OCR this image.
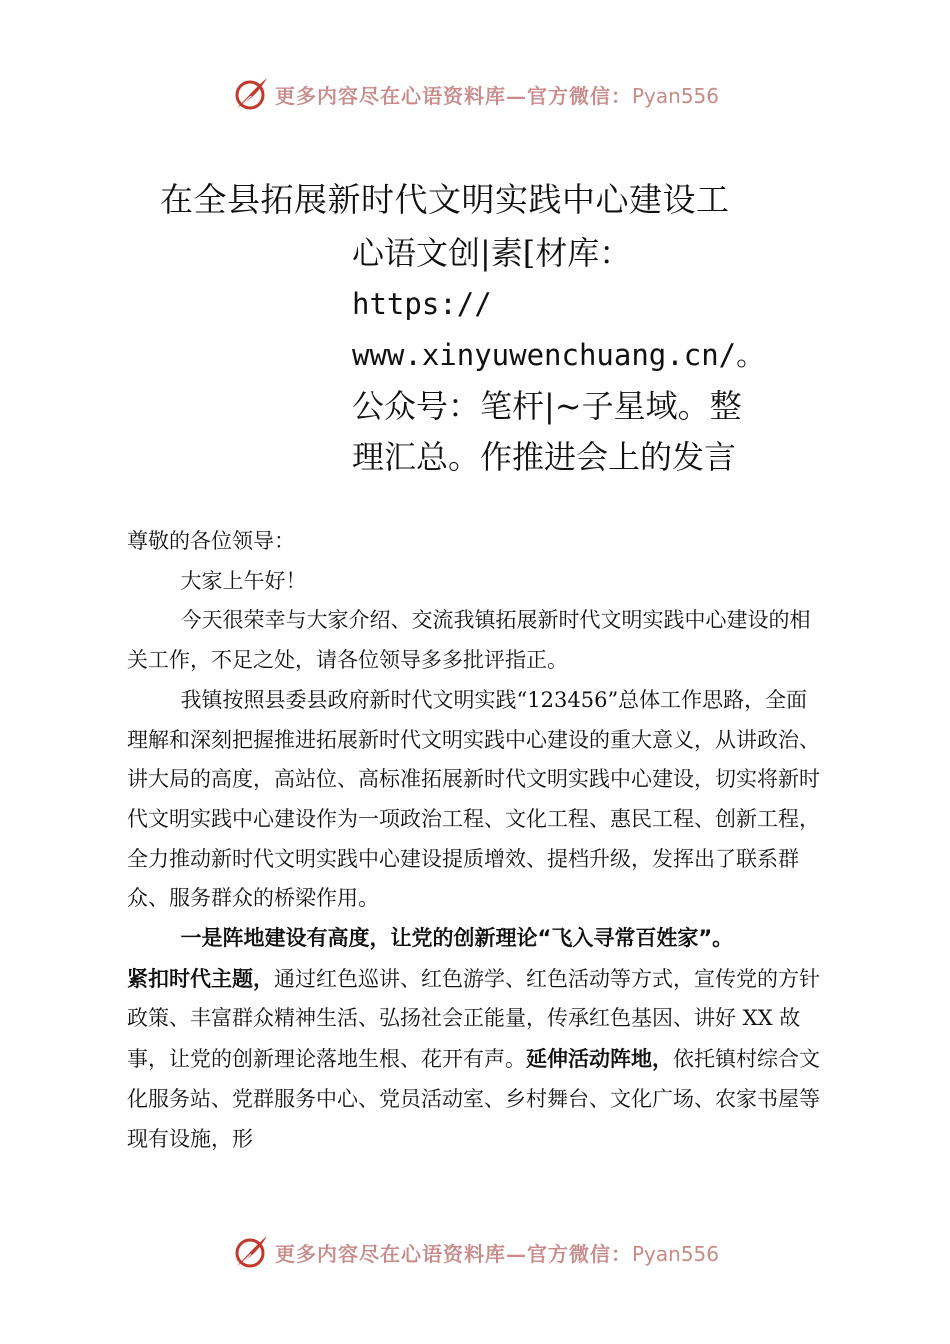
更多内容尽在心语资料库—官方微信：Pyan556
在全县拓展新时代文明实践中心建设工
心语文创|素[材库：
https://
www.xinyuwenchuang.cn/。
公众号：笔杆|~子星域。整
理汇总。作推进会上的发言

尊敬的各位领导：

大家上午好！

今天很荣幸与大家介绍、交流我镇拓展新时代文明实践中心建设的相关工作，不足之处，请各位领导多多批评指正。

我镇按照县委县政府新时代文明实践“123456”总体工作思路，全面理解和深刻把握推进拓展新时代文明实践中心建设的重大意义，从讲政治、讲大局的高度，高站位、高标准拓展新时代文明实践中心建设，切实将新时代文明实践中心建设作为一项政治工程、文化工程、惠民工程、创新工程，全力推动新时代文明实践中心建设提质增效、提档升级，发挥出了联系群众、服务群众的桥梁作用。

一是阵地建设有高度，让党的创新理论“飞入寻常百姓家”。

紧扣时代主题，通过红色巡讲、红色游学、红色活动等方式，宣传党的方针政策、丰富群众精神生活、弘扬社会正能量，传承红色基因、讲好 XX 故事，让党的创新理论落地生根、花开有声。延伸活动阵地，依托镇村综合文化服务站、党群服务中心、党员活动室、乡村舞台、文化广场、农家书屋等现有设施，形

更多内容尽在心语资料库—官方微信：Pyan556
